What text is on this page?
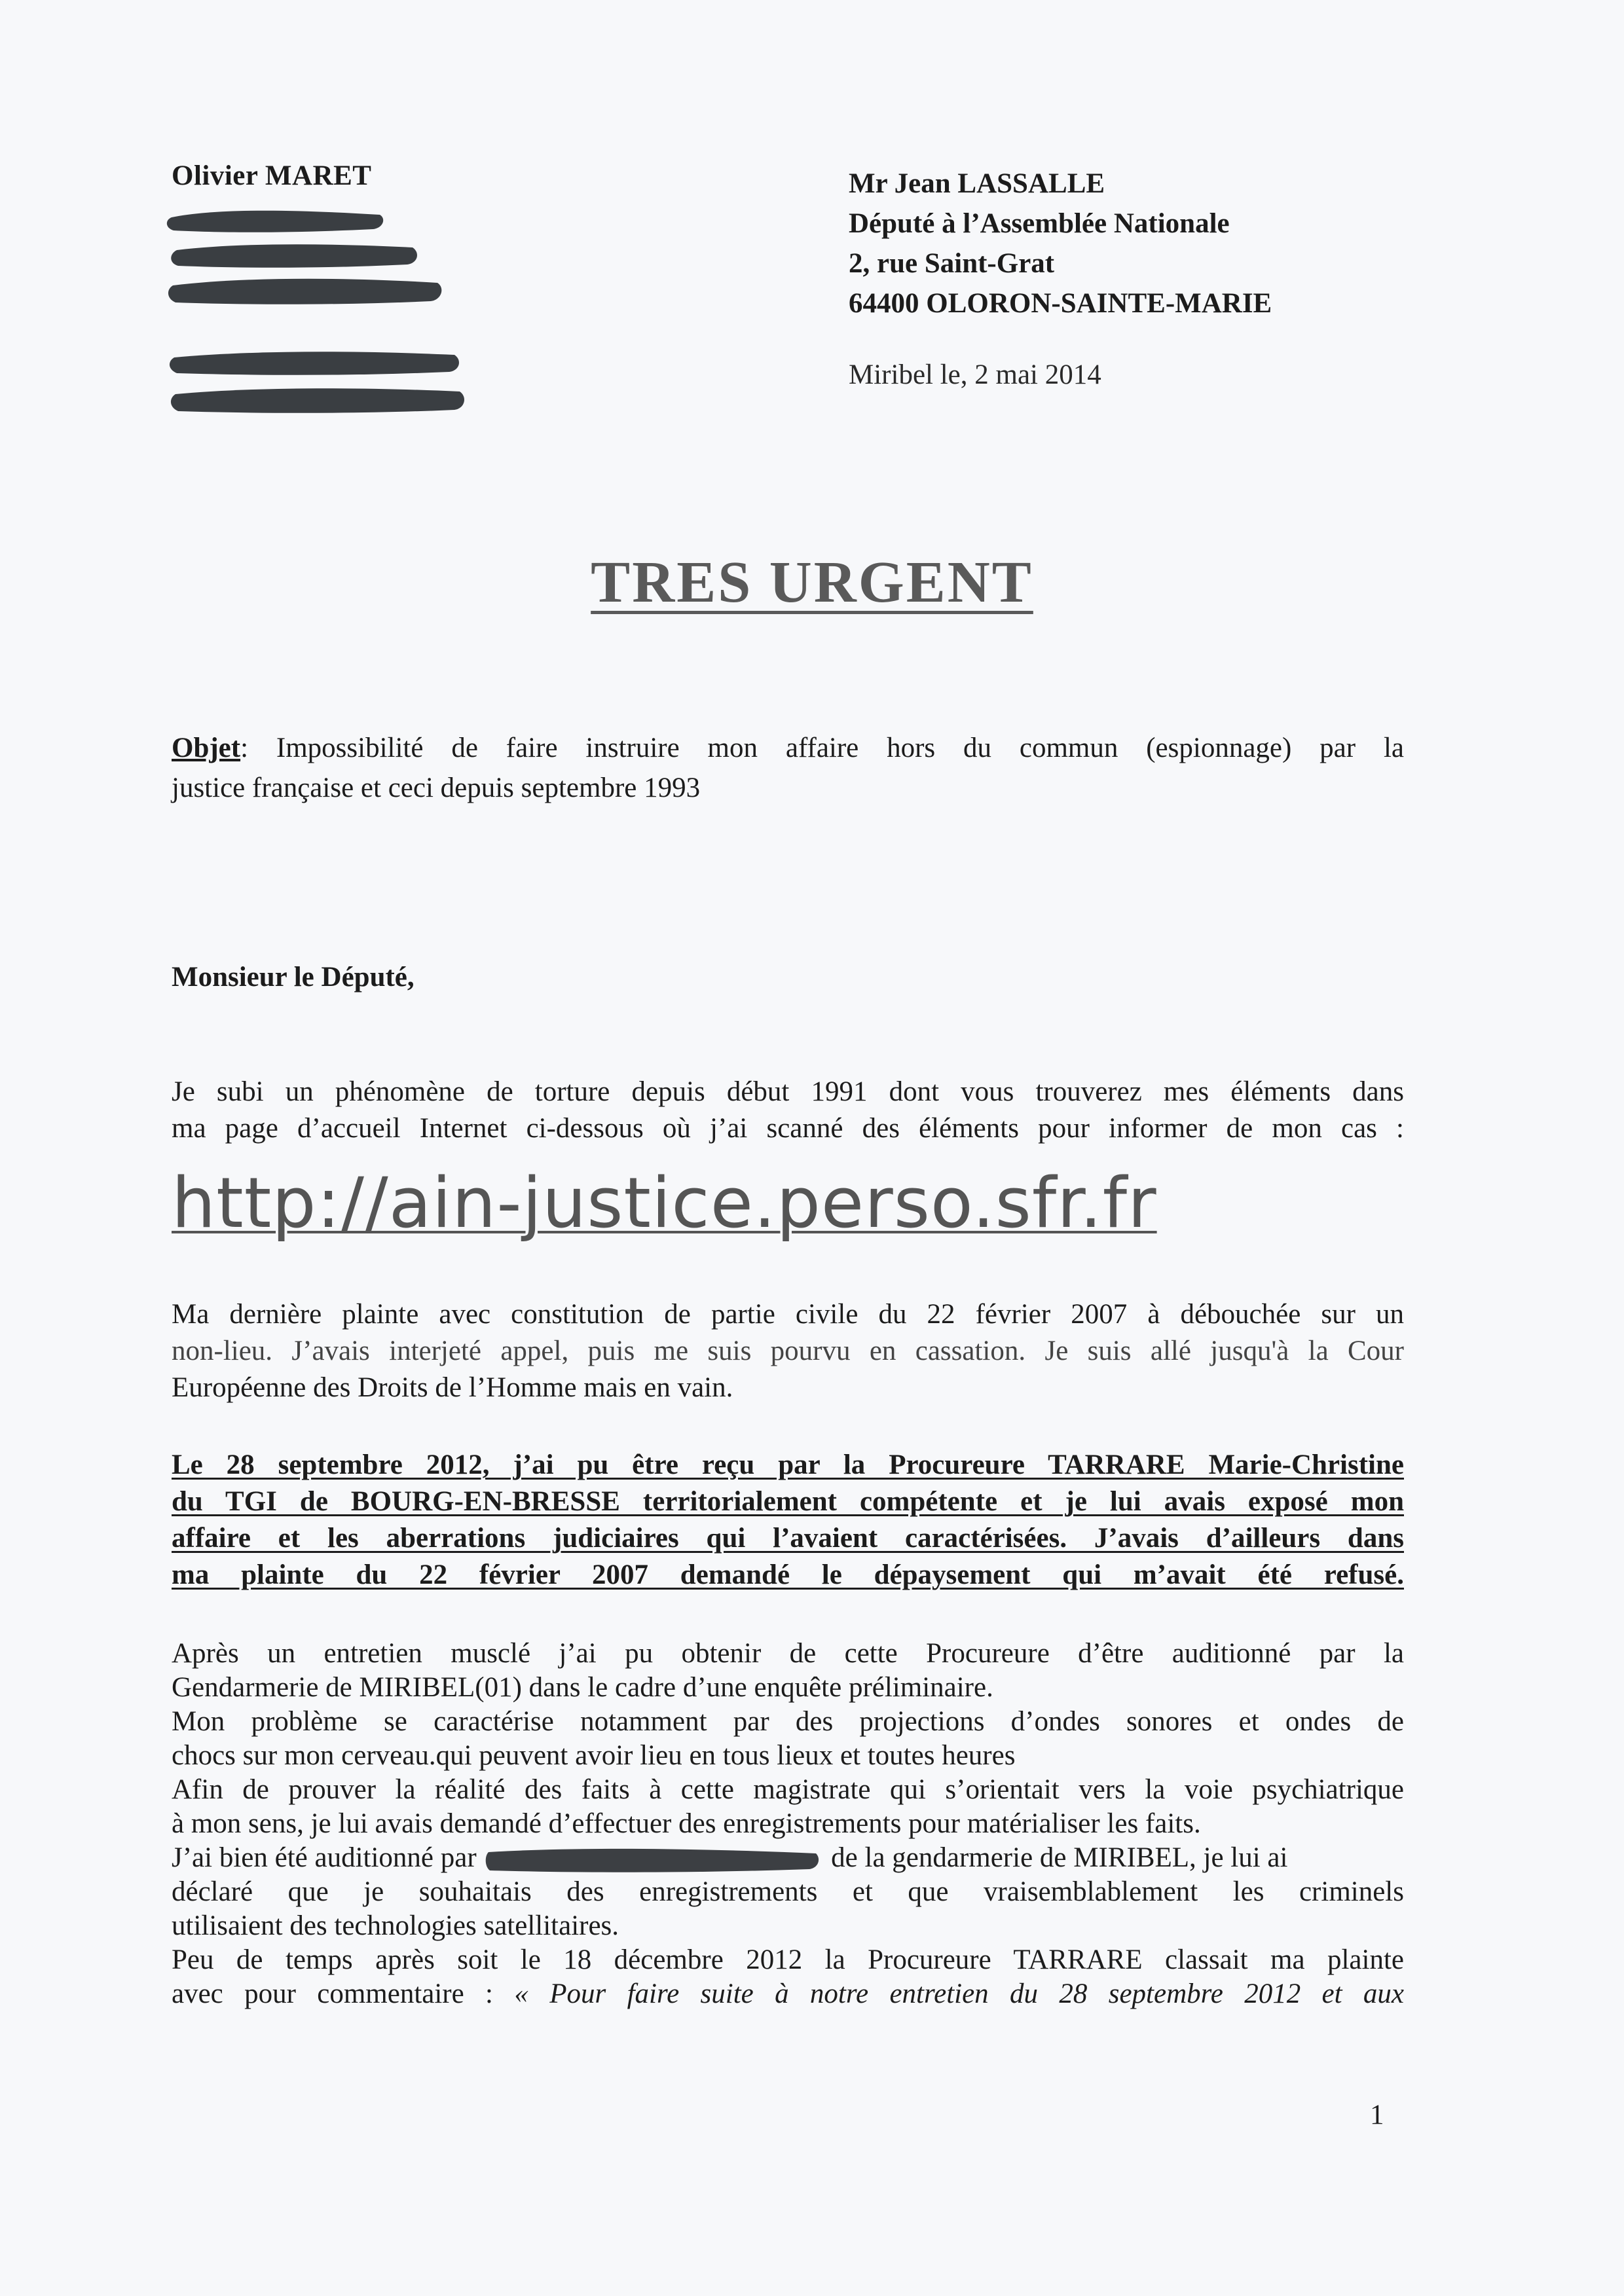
Olivier MARET	Mr Jean LASSALLE
Député à l’Assemblée Nationale
2, rue Saint-Grat
64400 OLORON-SAINTE-MARIE
Miribel le, 2 mai 2014
TRES URGENT
Objet: Impossibilité de faire instruire mon affaire hors du commun (espionnage) par la
justice française et ceci depuis septembre 1993
Monsieur le Député,
Je subi un phénomène de torture depuis début 1991 dont vous trouverez mes éléments dans
ma page d’accueil Internet ci-dessous où j’ai scanné des éléments pour informer de mon cas :
http://ain-justice.perso.sfr.fr
Ma dernière plainte avec constitution de partie civile du 22 février 2007 à débouchée sur un
non-lieu. J’avais interjeté appel, puis me suis pourvu en cassation. Je suis allé jusqu'à la Cour
Européenne des Droits de l’Homme mais en vain.
Le 28 septembre 2012, j’ai pu être reçu par la Procureure TARRARE Marie-Christine
du TGI de BOURG-EN-BRESSE territorialement compétente et je lui avais exposé mon
affaire et les aberrations judiciaires qui l’avaient caractérisées. J’avais d’ailleurs dans
ma plainte du 22 février 2007 demandé le dépaysement qui m’avait été refusé.
Après un entretien musclé j’ai pu obtenir de cette Procureure d’être auditionné par la
Gendarmerie de MIRIBEL(01) dans le cadre d’une enquête préliminaire.
Mon problème se caractérise notamment par des projections d’ondes sonores et ondes de
chocs sur mon cerveau.qui peuvent avoir lieu en tous lieux et toutes heures
Afin de prouver la réalité des faits à cette magistrate qui s’orientait vers la voie psychiatrique
à mon sens, je lui avais demandé d’effectuer des enregistrements pour matérialiser les faits.
J’ai bien été auditionné par	de la gendarmerie de MIRIBEL, je lui ai
déclaré que je souhaitais des enregistrements et que vraisemblablement les criminels
utilisaient des technologies satellitaires.
Peu de temps après soit le 18 décembre 2012 la Procureure TARRARE classait ma plainte
avec pour commentaire : « Pour faire suite à notre entretien du 28 septembre 2012 et aux
1
